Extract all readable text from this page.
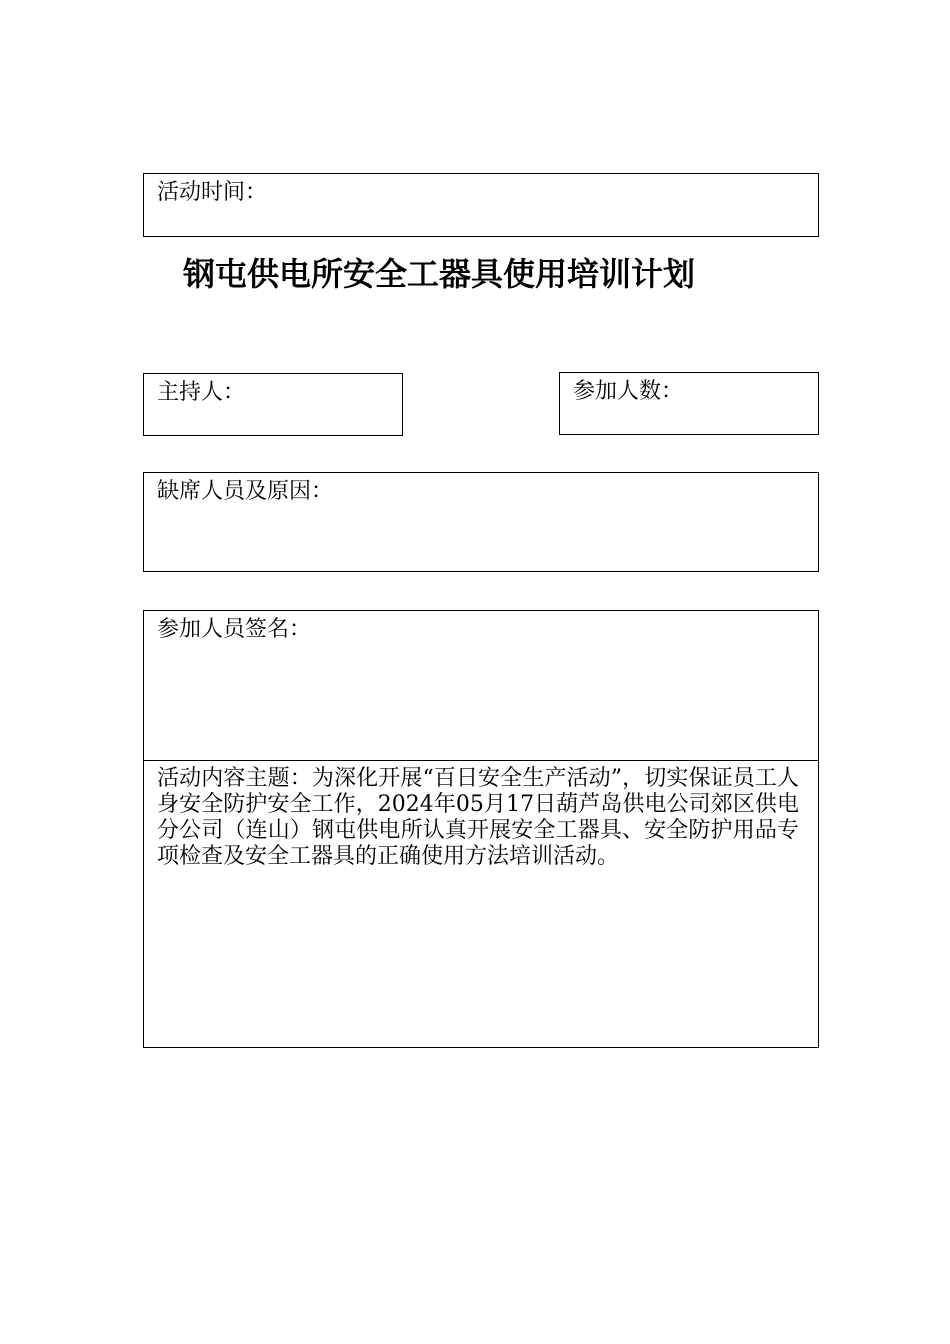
活动时间：
钢屯供电所安全工器具使用培训计划
主持人：	参加人数：
缺席人员及原因：
参加人员签名：
活动内容主题：为深化开展“百日安全生产活动”，切实保证员工人身安全防护安全工作，2024年05月17日葫芦岛供电公司郊区供电分公司（连山）钢屯供电所认真开展安全工器具、安全防护用品专项检查及安全工器具的正确使用方法培训活动。
